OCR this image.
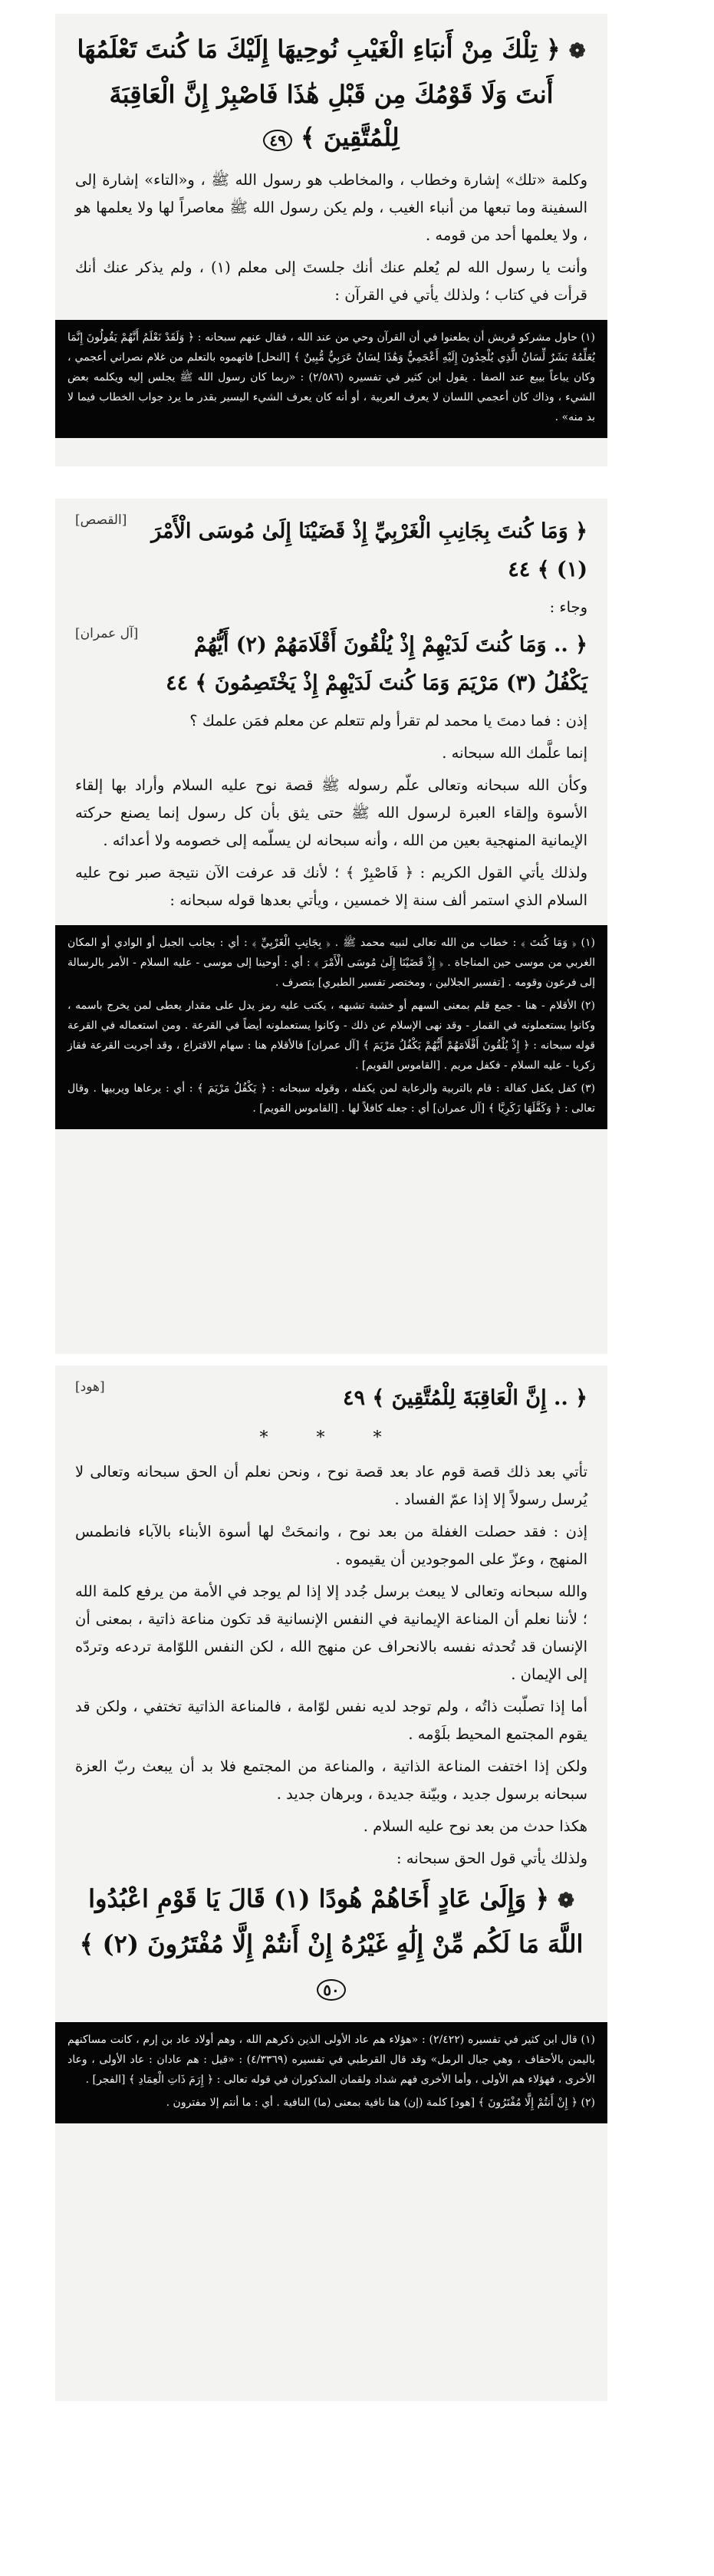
❁ ﴿ تِلْكَ مِنْ أَنبَاءِ الْغَيْبِ نُوحِيهَا إِلَيْكَ مَا كُنتَ تَعْلَمُهَا أَنتَ وَلَا قَوْمُكَ مِن قَبْلِ هَٰذَا فَاصْبِرْ إِنَّ الْعَاقِبَةَ لِلْمُتَّقِينَ ﴾ ٤٩

وكلمة «تلك» إشارة وخطاب ، والمخاطب هو رسول الله ﷺ ، و«التاء» إشارة إلى السفينة وما تبعها من أنباء الغيب ، ولم يكن رسول الله ﷺ معاصراً لها ولا يعلمها هو ، ولا يعلمها أحد من قومه .

وأنت يا رسول الله لم يُعلم عنك أنك جلستَ إلى معلم (١) ، ولم يذكر عنك أنك قرأت في كتاب ؛ ولذلك يأتي في القرآن :

(١) حاول مشركو قريش أن يطعنوا في أن القرآن وحي من عند الله ، فقال عنهم سبحانه : ﴿ وَلَقَدْ نَعْلَمُ أَنَّهُمْ يَقُولُونَ إِنَّمَا يُعَلِّمُهُ بَشَرٌ لِّسَانُ الَّذِي يُلْحِدُونَ إِلَيْهِ أَعْجَمِيٌّ وَهَٰذَا لِسَانٌ عَرَبِيٌّ مُّبِينٌ ﴾ [النحل] فاتهموه بالتعلم من غلام نصراني أعجمي ، وكان يباعاً بيبع عند الصفا . يقول ابن كثير في تفسيره (٢/٥٨٦) : «ربما كان رسول الله ﷺ يجلس إليه ويكلمه بعض الشيء ، وذاك كان أعجمي اللسان لا يعرف العربية ، أو أنه كان يعرف الشيء اليسير بقدر ما يرد جواب الخطاب فيما لا بد منه» .

﴿ وَمَا كُنتَ بِجَانِبِ الْغَرْبِيِّ إِذْ قَضَيْنَا إِلَىٰ مُوسَى الْأَمْرَ (١) ﴾ ٤٤
[القصص]

وجاء :

﴿ .. وَمَا كُنتَ لَدَيْهِمْ إِذْ يُلْقُونَ أَقْلَامَهُمْ (٢) أَيُّهُمْ يَكْفُلُ (٣) مَرْيَمَ وَمَا كُنتَ لَدَيْهِمْ إِذْ يَخْتَصِمُونَ ﴾ ٤٤
[آل عمران]

إذن : فما دمتَ يا محمد لم تقرأ ولم تتعلم عن معلم فمَن علمك ؟

إنما علَّمك الله سبحانه .

وكأن الله سبحانه وتعالى علّم رسوله ﷺ قصة نوح عليه السلام وأراد بها إلقاء الأسوة وإلقاء العبرة لرسول الله ﷺ حتى يثق بأن كل رسول إنما يصنع حركته الإيمانية المنهجية بعين من الله ، وأنه سبحانه لن يسلّمه إلى خصومه ولا أعدائه .

ولذلك يأتي القول الكريم : ﴿ فَاصْبِرْ ﴾ ؛ لأنك قد عرفت الآن نتيجة صبر نوح عليه السلام الذي استمر ألف سنة إلا خمسين ، ويأتي بعدها قوله سبحانه :

(١) ﴿ وَمَا كُنتَ ﴾ : خطاب من الله تعالى لنبيه محمد ﷺ . ﴿ بِجَانِبِ الْغَرْبِيِّ ﴾ : أي : بجانب الجبل أو الوادي أو المكان الغربي من موسى حين المناجاة . ﴿ إِذْ قَضَيْنَا إِلَىٰ مُوسَى الْأَمْرَ ﴾ : أي : أوحينا إلى موسى - عليه السلام - الأمر بالرسالة إلى فرعون وقومه . [تفسير الجلالين ، ومختصر تفسير الطبري] بتصرف .

(٢) الأقلام - هنا - جمع قلم بمعنى السهم أو خشبة تشبهه ، يكتب عليه رمز يدل على مقدار يعطى لمن يخرج باسمه ، وكانوا يستعملونه في القمار - وقد نهى الإسلام عن ذلك - وكانوا يستعملونه أيضاً في القرعة . ومن استعماله في القرعة قوله سبحانه : ﴿ إِذْ يُلْقُونَ أَقْلَامَهُمْ أَيُّهُمْ يَكْفُلُ مَرْيَمَ ﴾ [آل عمران] فالأقلام هنا : سهام الاقتراع ، وقد أجريت القرعة فقاز زكريا - عليه السلام - فكفل مريم . [القاموس القويم] .

(٣) كفل يكفل كفالة : قام بالتربية والرعاية لمن يكفله ، وقوله سبحانه : ﴿ يَكْفُلُ مَرْيَمَ ﴾ : أي : يرعاها ويربيها . وقال تعالى : ﴿ وَكَفَّلَهَا زَكَرِيَّا ﴾ [آل عمران] أي : جعله كافلاً لها . [القاموس القويم] .

﴿ .. إِنَّ الْعَاقِبَةَ لِلْمُتَّقِينَ ﴾ ٤٩
[هود]
* * *

تأتي بعد ذلك قصة قوم عاد بعد قصة نوح ، ونحن نعلم أن الحق سبحانه وتعالى لا يُرسل رسولاً إلا إذا عمّ الفساد .

إذن : فقد حصلت الغفلة من بعد نوح ، وانمحَتْ لها أسوة الأبناء بالآباء فانطمس المنهج ، وعزّ على الموجودين أن يقيموه .

والله سبحانه وتعالى لا يبعث برسل جُدد إلا إذا لم يوجد في الأمة من يرفع كلمة الله ؛ لأننا نعلم أن المناعة الإيمانية في النفس الإنسانية قد تكون مناعة ذاتية ، بمعنى أن الإنسان قد تُحدثه نفسه بالانحراف عن منهج الله ، لكن النفس اللوّامة تردعه وتردّه إلى الإيمان .

أما إذا تصلّبت ذاتُه ، ولم توجد لديه نفس لوّامة ، فالمناعة الذاتية تختفي ، ولكن قد يقوم المجتمع المحيط بلَوْمه .

ولكن إذا اختفت المناعة الذاتية ، والمناعة من المجتمع فلا بد أن يبعث ربّ العزة سبحانه برسول جديد ، وبيّنة جديدة ، وبرهان جديد .

هكذا حدث من بعد نوح عليه السلام .

ولذلك يأتي قول الحق سبحانه :

❁ ﴿ وَإِلَىٰ عَادٍ أَخَاهُمْ هُودًا (١) قَالَ يَا قَوْمِ اعْبُدُوا اللَّهَ مَا لَكُم مِّنْ إِلَٰهٍ غَيْرُهُ إِنْ أَنتُمْ إِلَّا مُفْتَرُونَ (٢) ﴾ ٥٠

(١) قال ابن كثير في تفسيره (٢/٤٢٢) : «هؤلاء هم عاد الأولى الذين ذكرهم الله ، وهم أولاد عاد بن إرم ، كانت مساكنهم باليمن بالأحقاف ، وهي جبال الرمل» وقد قال القرطبي في تفسيره (٤/٣٣٦٩) : «قيل : هم عادان : عاد الأولى ، وعاد الأخرى ، فهؤلاء هم الأولى ، وأما الأخرى فهم شداد ولقمان المذكوران في قوله تعالى : ﴿ إِرَمَ ذَاتِ الْعِمَادِ ﴾ [الفجر] .

(٢) ﴿ إِنْ أَنتُمْ إِلَّا مُفْتَرُونَ ﴾ [هود] كلمة (إن) هنا نافية بمعنى (ما) النافية . أي : ما أنتم إلا مفترون .
